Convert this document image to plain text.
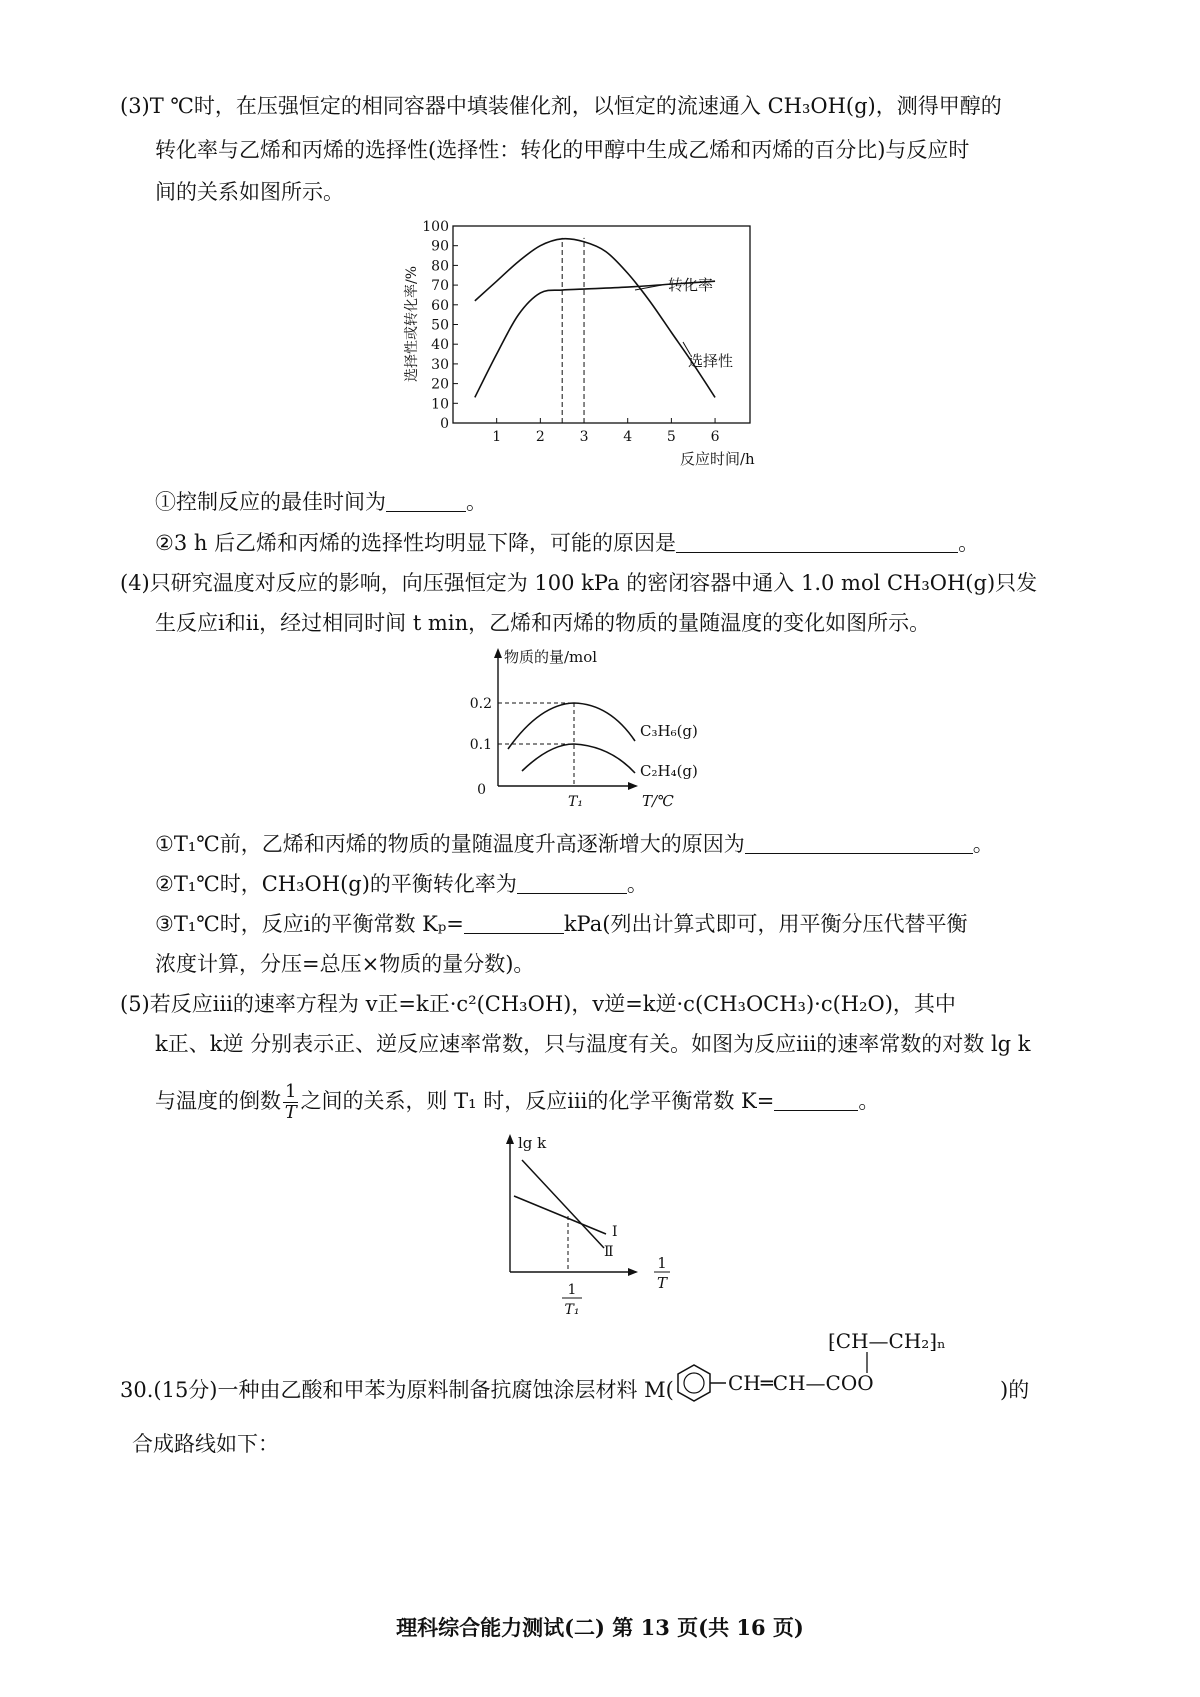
(3)T ℃时，在压强恒定的相同容器中填装催化剂，以恒定的流速通入 CH₃OH(g)，测得甲醇的
转化率与乙烯和丙烯的选择性(选择性：转化的甲醇中生成乙烯和丙烯的百分比)与反应时
间的关系如图所示。
0
10
20
30
40
50
60
70
80
90
100
1 2 3 4 5 6
转化率
选择性
反应时间/h
选择性或转化率/%
①控制反应的最佳时间为	。
②3 h 后乙烯和丙烯的选择性均明显下降，可能的原因是	。
(4)只研究温度对反应的影响，向压强恒定为 100 kPa 的密闭容器中通入 1.0 mol CH₃OH(g)只发
生反应ⅰ和ⅱ，经过相同时间 t min，乙烯和丙烯的物质的量随温度的变化如图所示。
物质的量/mol
0.2
0.1
0
T₁	T/℃
C₃H₆(g)
C₂H₄(g)
①T₁℃前，乙烯和丙烯的物质的量随温度升高逐渐增大的原因为	。
②T₁℃时，CH₃OH(g)的平衡转化率为	。
③T₁℃时，反应ⅰ的平衡常数 Kₚ=	kPa(列出计算式即可，用平衡分压代替平衡
浓度计算，分压=总压×物质的量分数)。
(5)若反应ⅲ的速率方程为 v正=k正·c²(CH₃OH)，v逆=k逆·c(CH₃OCH₃)·c(H₂O)，其中
k正、k逆 分别表示正、逆反应速率常数，只与温度有关。如图为反应ⅲ的速率常数的对数 lg k
与温度的倒数 $\frac{1}{T}$ 之间的关系，则 T₁ 时，反应ⅲ的化学平衡常数 K=	。
lg k
Ⅰ
Ⅱ
1
T₁
1
T
30.(15分)一种由乙酸和甲苯为原料制备抗腐蚀涂层材料 M(	CH═CH—COO
⁅CH—CH₂⁆ₙ
)的
合成路线如下：
理科综合能力测试(二) 第 13 页(共 16 页)
